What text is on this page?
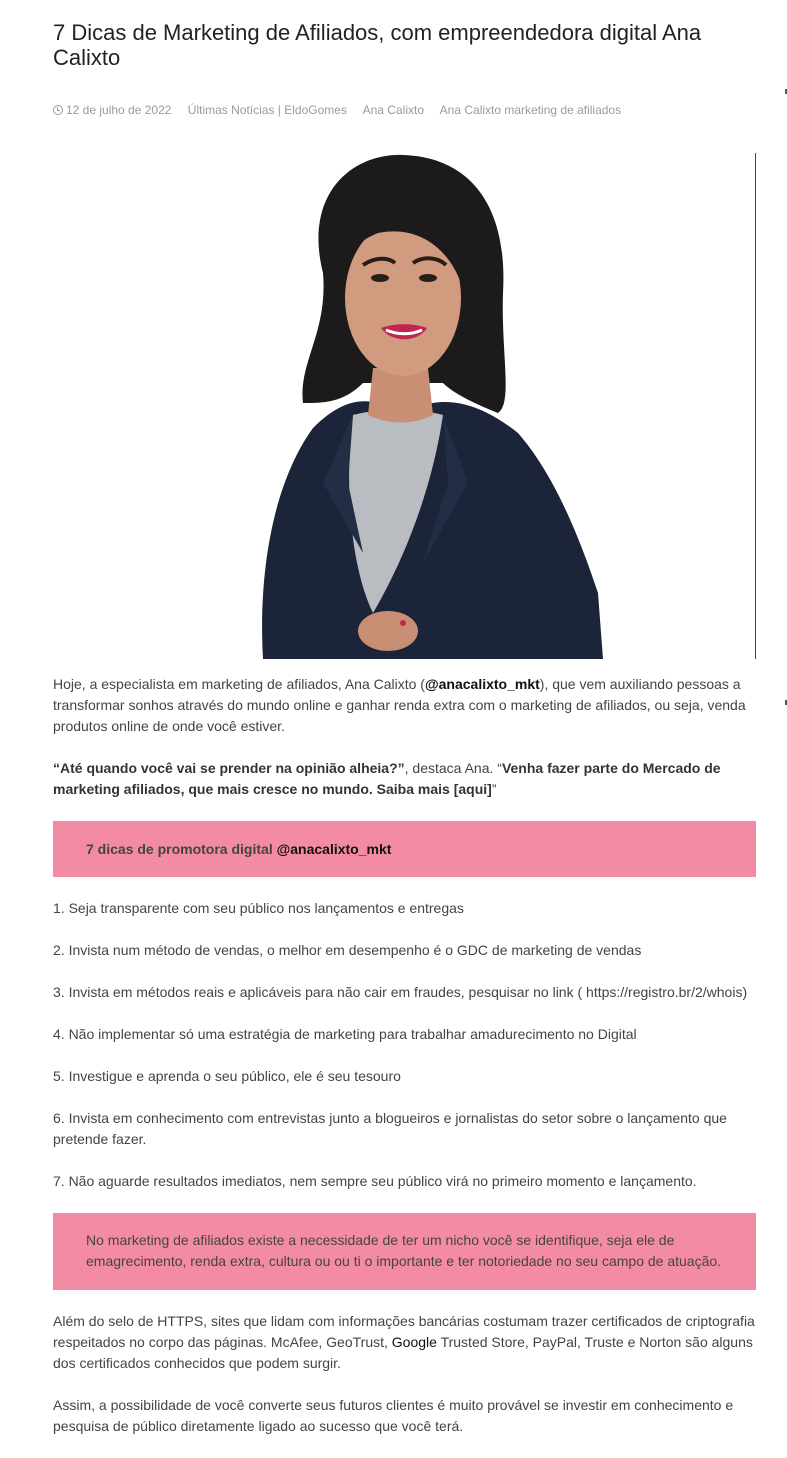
7 Dicas de Marketing de Afiliados, com empreendedora digital Ana Calixto
12 de julho de 2022 Últimas Notícias | EldoGomes Ana Calixto Ana Calixto marketing de afiliados

Hoje, a especialista em marketing de afiliados, Ana Calixto (@anacalixto_mkt), que vem auxiliando pessoas a transformar sonhos através do mundo online e ganhar renda extra com o marketing de afiliados, ou seja, venda produtos online de onde você estiver.

“Até quando você vai se prender na opinião alheia?”, destaca Ana. “Venha fazer parte do Mercado de marketing afiliados, que mais cresce no mundo. Saiba mais [aqui]”

7 dicas de promotora digital @anacalixto_mkt
1. Seja transparente com seu público nos lançamentos e entregas
2. Invista num método de vendas, o melhor em desempenho é o GDC de marketing de vendas
3. Invista em métodos reais e aplicáveis para não cair em fraudes, pesquisar no link ( https://registro.br/2/whois)
4. Não implementar só uma estratégia de marketing para trabalhar amadurecimento no Digital
5. Investigue e aprenda o seu público, ele é seu tesouro
6. Invista em conhecimento com entrevistas junto a blogueiros e jornalistas do setor sobre o lançamento que pretende fazer.
7. Não aguarde resultados imediatos, nem sempre seu público virá no primeiro momento e lançamento.
No marketing de afiliados existe a necessidade de ter um nicho você se identifique, seja ele de emagrecimento, renda extra, cultura ou ou ti o importante e ter notoriedade no seu campo de atuação.

Além do selo de HTTPS, sites que lidam com informações bancárias costumam trazer certificados de criptografia respeitados no corpo das páginas. McAfee, GeoTrust, Google Trusted Store, PayPal, Truste e Norton são alguns dos certificados conhecidos que podem surgir.

Assim, a possibilidade de você converte seus futuros clientes é muito provável se investir em conhecimento e pesquisa de público diretamente ligado ao sucesso que você terá.
